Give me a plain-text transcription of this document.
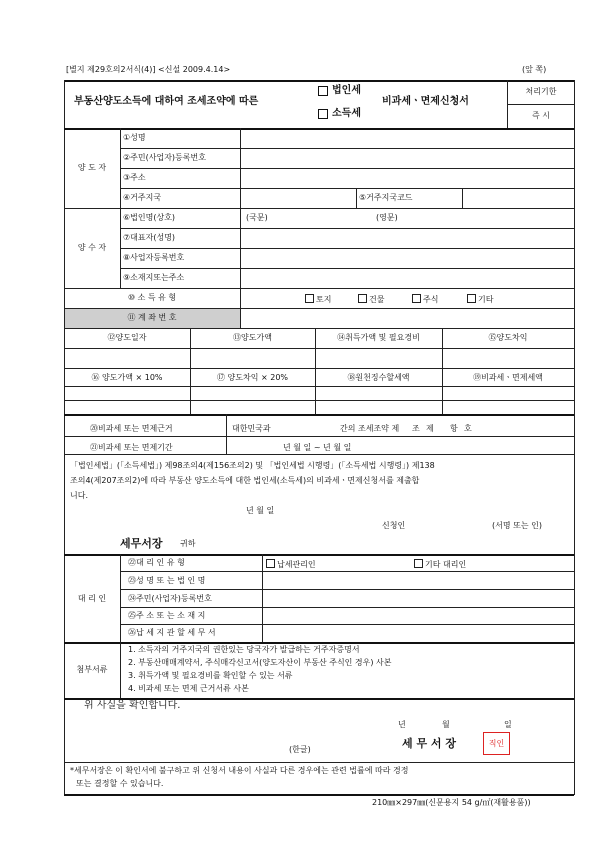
[별지 제29호의2서식(4)] <신설 2009.4.14>	(앞 쪽)
부동산양도소득에 대하여 조세조약에 따른
법인세
소득세
비과세ㆍ면제신청서
처리기한
즉 시
양 도 자
①성명
②주민(사업자)등록번호
③주소
④거주지국	⑤거주지국코드
양 수 자
⑥법인명(상호)	(국문)	(영문)
⑦대표자(성명)
⑧사업자등록번호
⑨소재지또는주소
⑩ 소 득 유 형	토지	건물	주식	기타
⑪ 계 좌 번 호
⑫양도일자	⑬양도가액	⑭취득가액 및 필요경비	⑮양도차익
⑯ 양도가액 × 10%	⑰ 양도차익 × 20%	⑱원천징수할세액	⑲비과세ㆍ면제세액
⑳비과세 또는 면제근거	대한민국과	간의 조세조약 제 조 제 항 호
㉑비과세 또는 면제기간	년 월 일 ~ 년 월 일
「법인세법」(「소득세법」) 제98조의4(제156조의2) 및 「법인세법 시행령」(「소득세법 시행령」) 제138
조의4(제207조의2)에 따라 부동산 양도소득에 대한 법인세(소득세)의 비과세ㆍ면제신청서를 제출합
니다.
년 월 일
신청인	(서명 또는 인)
세무서장 귀하
대 리 인
㉒대 리 인 유 형	납세관리인	기타 대리인
㉓성 명 또 는 법 인 명
㉔주민(사업자)등록번호
㉕주 소 또 는 소 재 지
㉖납 세 지 관 할 세 무 서
첨부서류
1. 소득자의 거주지국의 권한있는 당국자가 발급하는 거주자증명서
2. 부동산매매계약서, 주식매각신고서(양도자산이 부동산 주식인 경우) 사본
3. 취득가액 및 필요경비를 확인할 수 있는 서류
4. 비과세 또는 면제 근거서류 사본
위 사실을 확인합니다.
년	월	일
(한글)	세 무 서 장	직인
*세무서장은 이 확인서에 불구하고 위 신청서 내용이 사실과 다른 경우에는 관련 법률에 따라 경정
또는 결정할 수 있습니다.
210㎜×297㎜(신문용지 54 g/㎡(재활용품))
